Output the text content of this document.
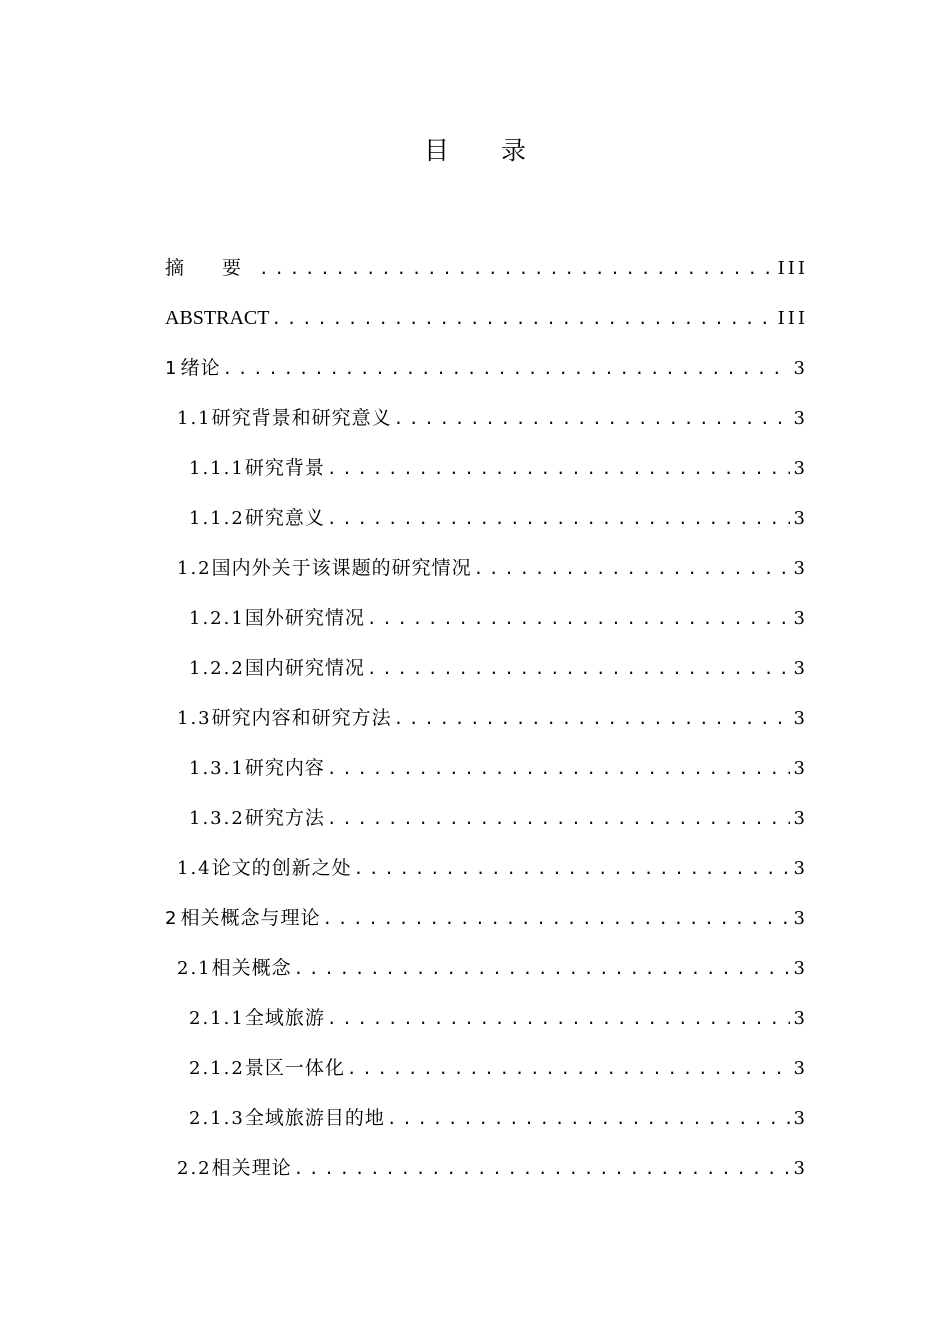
目 录
摘 要 . . .	III
ABSTRACT . . .	III
1 绪论 . . .	3
1.1 研究背景和研究意义 . . .	3
1.1.1 研究背景 . . .	3
1.1.2 研究意义 . . .	3
1.2 国内外关于该课题的研究情况 . . .	3
1.2.1 国外研究情况 . . .	3
1.2.2 国内研究情况 . . .	3
1.3 研究内容和研究方法 . . .	3
1.3.1 研究内容 . . .	3
1.3.2 研究方法 . . .	3
1.4 论文的创新之处 . . .	3
2 相关概念与理论 . . .	3
2.1 相关概念 . . .	3
2.1.1 全域旅游 . . .	3
2.1.2 景区一体化 . . .	3
2.1.3 全域旅游目的地 . . .	3
2.2 相关理论 . . .	3
